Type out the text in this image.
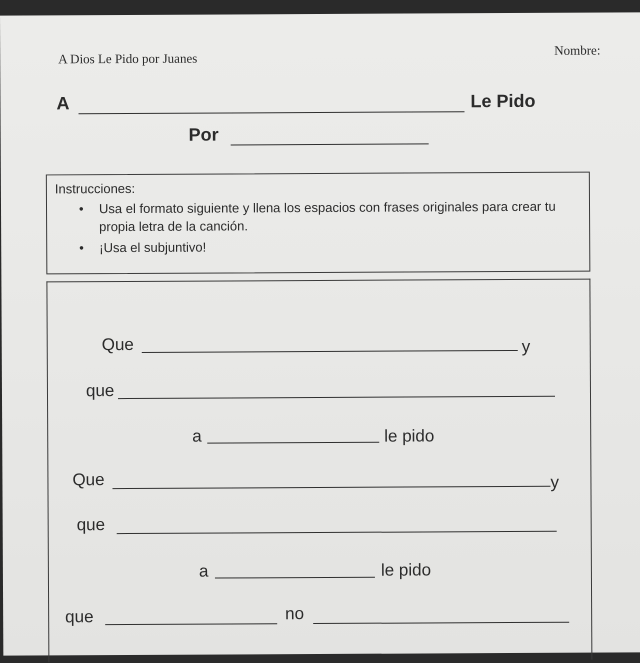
A Dios Le Pido por Juanes
Nombre:
A	Le Pido
Por
Instrucciones:
• Usa el formato siguiente y llena los espacios con frases originales para crear tu propia letra de la canción.
• ¡Usa el subjuntivo!
Que	y
que
a	le pido
Que	y
que
a	le pido
que	no
